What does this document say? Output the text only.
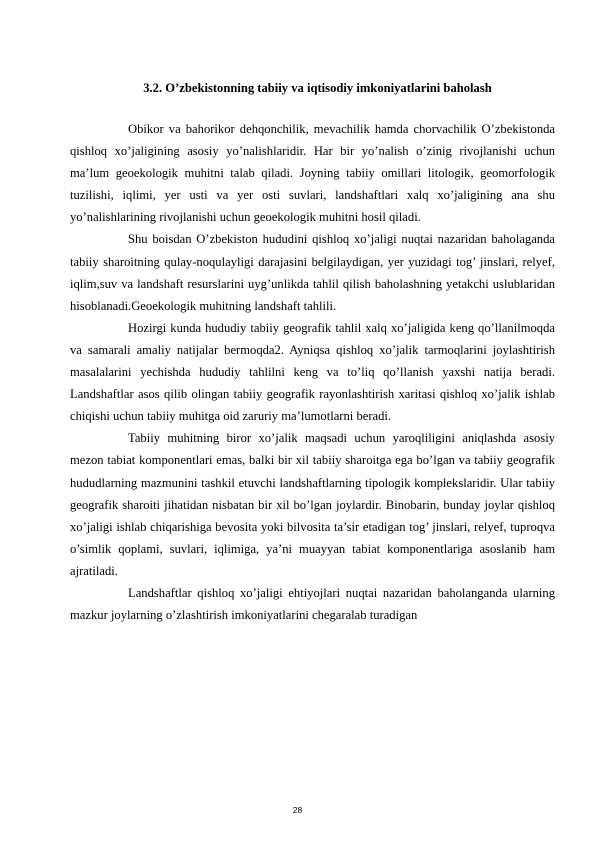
3.2. O’zbekistonning tabiiy va iqtisodiy imkoniyatlarini baholash

Obikor va bahorikor dehqonchilik, mevachilik hamda chorvachilik O’zbekistonda qishloq xo’jaligining asosiy yo’nalishlaridir. Har bir yo’nalish o’zinig rivojlanishi uchun ma’lum geoekologik muhitni talab qiladi. Joyning tabiiy omillari litologik, geomorfologik tuzilishi, iqlimi, yer usti va yer osti suvlari, landshaftlari xalq xo’jaligining ana shu yo’nalishlarining rivojlanishi uchun geoekologik muhitni hosil qiladi.

Shu boisdan O’zbekiston hududini qishloq xo’jaligi nuqtai nazaridan baholaganda tabiiy sharoitning qulay-noqulayligi darajasini belgilaydigan, yer yuzidagi tog’ jinslari, relyef, iqlim,suv va landshaft resurslarini uyg’unlikda tahlil qilish baholashning yetakchi uslublaridan hisoblanadi.Geoekologik muhitning landshaft tahlili.

Hozirgi kunda hududiy tabiiy geografik tahlil xalq xo’jaligida keng qo’llanilmoqda va samarali amaliy natijalar bermoqda2. Ayniqsa qishloq xo’jalik tarmoqlarini joylashtirish masalalarini yechishda hududiy tahlilni keng va to’liq qo’llanish yaxshi natija beradi. Landshaftlar asos qilib olingan tabiiy geografik rayonlashtirish xaritasi qishloq xo’jalik ishlab chiqishi uchun tabiiy muhitga oid zaruriy ma’lumotlarni beradi.

Tabiiy muhitning biror xo’jalik maqsadi uchun yaroqliligini aniqlashda asosiy mezon tabiat komponentlari emas, balki bir xil tabiiy sharoitga ega bo’lgan va tabiiy geografik hududlarning mazmunini tashkil etuvchi landshaftlarning tipologik komplekslaridir. Ular tabiiy geografik sharoiti jihatidan nisbatan bir xil bo’lgan joylardir. Binobarin, bunday joylar qishloq xo’jaligi ishlab chiqarishiga bevosita yoki bilvosita ta’sir etadigan tog’ jinslari, relyef, tuproqva o’simlik qoplami, suvlari, iqlimiga, ya’ni muayyan tabiat komponentlariga asoslanib ham ajratiladi.

Landshaftlar qishloq xo’jaligi ehtiyojlari nuqtai nazaridan baholanganda ularning mazkur joylarning o’zlashtirish imkoniyatlarini chegaralab turadigan

28
